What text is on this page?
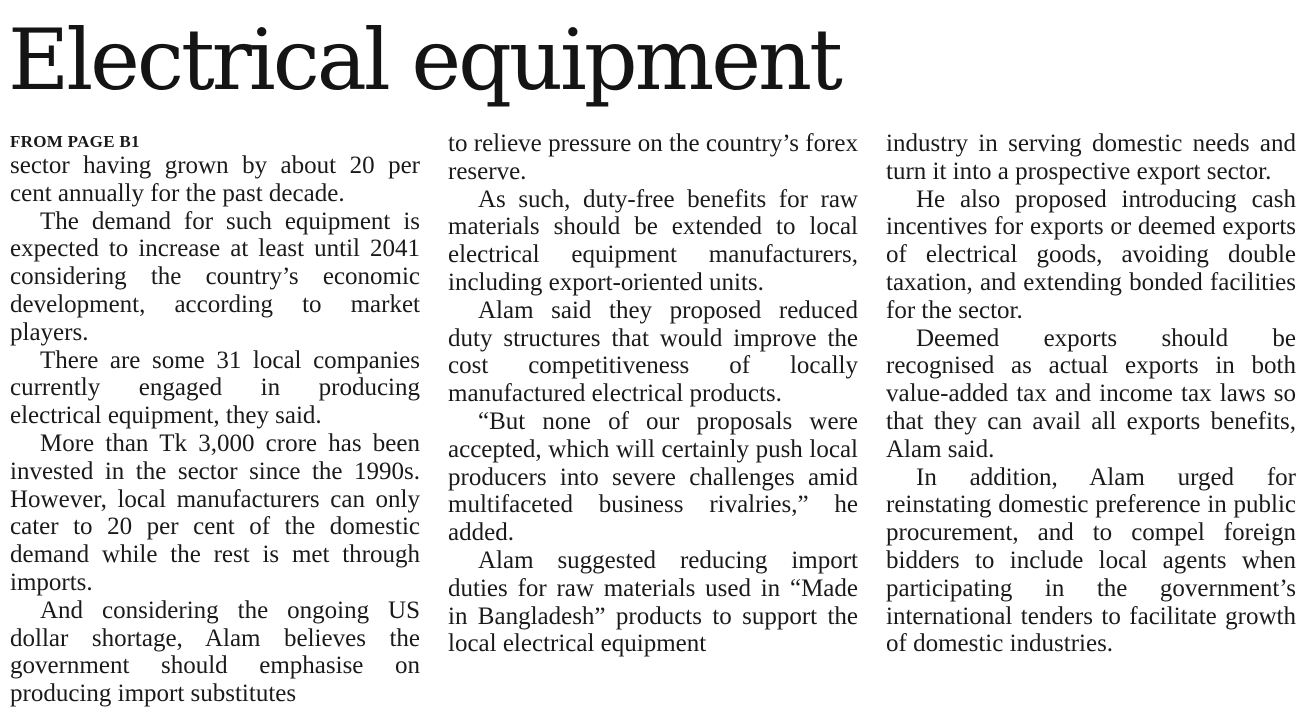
Electrical equipment
FROM PAGE B1

sector having grown by about 20 per cent annually for the past decade.

The demand for such equipment is expected to increase at least until 2041 considering the country’s economic development, according to market players.

There are some 31 local companies currently engaged in producing electrical equipment, they said.

More than Tk 3,000 crore has been invested in the sector since the 1990s. However, local manufacturers can only cater to 20 per cent of the domestic demand while the rest is met through imports.

And considering the ongoing US dollar shortage, Alam believes the government should emphasise on producing import substitutes

to relieve pressure on the country’s forex reserve.

As such, duty-free benefits for raw materials should be extended to local electrical equipment manufacturers, including export-oriented units.

Alam said they proposed reduced duty structures that would improve the cost competitiveness of locally manufactured electrical products.

“But none of our proposals were accepted, which will certainly push local producers into severe challenges amid multifaceted business rivalries,” he added.

Alam suggested reducing import duties for raw materials used in “Made in Bangladesh” products to support the local electrical equipment

industry in serving domestic needs and turn it into a prospective export sector.

He also proposed introducing cash incentives for exports or deemed exports of electrical goods, avoiding double taxation, and extending bonded facilities for the sector.

Deemed exports should be recognised as actual exports in both value-added tax and income tax laws so that they can avail all exports benefits, Alam said.

In addition, Alam urged for reinstating domestic preference in public procurement, and to compel foreign bidders to include local agents when participating in the government’s international tenders to facilitate growth of domestic industries.
